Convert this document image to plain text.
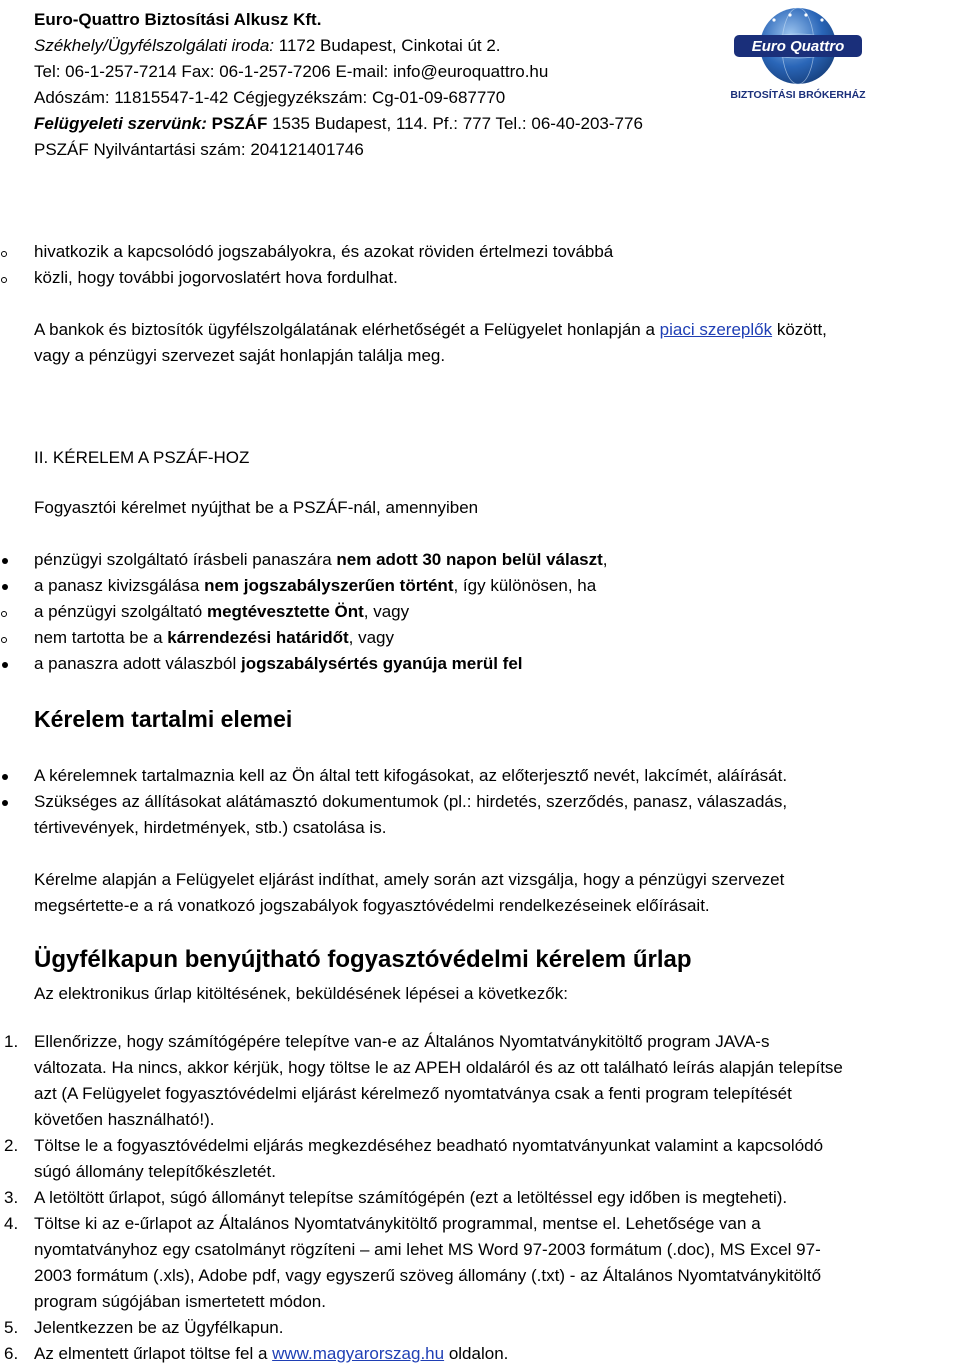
Euro-Quattro Biztosítási Alkusz Kft.
Székhely/Ügyfélszolgálati iroda: 1172 Budapest, Cinkotai út 2.
Tel: 06-1-257-7214 Fax: 06-1-257-7206 E-mail: info@euroquattro.hu
Adószám: 11815547-1-42 Cégjegyzékszám: Cg-01-09-687770
Felügyeleti szervünk: PSZÁF 1535 Budapest, 114. Pf.: 777 Tel.: 06-40-203-776
PSZÁF Nyilvántartási szám: 204121401746
Euro Quattro
BIZTOSÍTÁSI BRÓKERHÁZ
hivatkozik a kapcsolódó jogszabályokra, és azokat röviden értelmezi továbbá
közli, hogy további jogorvoslatért hova fordulhat.
A bankok és biztosítók ügyfélszolgálatának elérhetőségét a Felügyelet honlapján a piaci szereplők között,
vagy a pénzügyi szervezet saját honlapján találja meg.
II. KÉRELEM A PSZÁF-HOZ
Fogyasztói kérelmet nyújthat be a PSZÁF-nál, amennyiben
pénzügyi szolgáltató írásbeli panaszára nem adott 30 napon belül választ,
a panasz kivizsgálása nem jogszabályszerűen történt, így különösen, ha
a pénzügyi szolgáltató megtévesztette Önt, vagy
nem tartotta be a kárrendezési határidőt, vagy
a panaszra adott válaszból jogszabálysértés gyanúja merül fel
Kérelem tartalmi elemei
A kérelemnek tartalmaznia kell az Ön által tett kifogásokat, az előterjesztő nevét, lakcímét, aláírását.
Szükséges az állításokat alátámasztó dokumentumok (pl.: hirdetés, szerződés, panasz, válaszadás,
tértivevények, hirdetmények, stb.) csatolása is.
Kérelme alapján a Felügyelet eljárást indíthat, amely során azt vizsgálja, hogy a pénzügyi szervezet
megsértette-e a rá vonatkozó jogszabályok fogyasztóvédelmi rendelkezéseinek előírásait.
Ügyfélkapun benyújtható fogyasztóvédelmi kérelem űrlap
Az elektronikus űrlap kitöltésének, beküldésének lépései a következők:
1. Ellenőrizze, hogy számítógépére telepítve van-e az Általános Nyomtatványkitöltő program JAVA-s
változata. Ha nincs, akkor kérjük, hogy töltse le az APEH oldaláról és az ott található leírás alapján telepítse
azt (A Felügyelet fogyasztóvédelmi eljárást kérelmező nyomtatványa csak a fenti program telepítését
követően használható!).
2. Töltse le a fogyasztóvédelmi eljárás megkezdéséhez beadható nyomtatványunkat valamint a kapcsolódó
súgó állomány telepítőkészletét.
3. A letöltött űrlapot, súgó állományt telepítse számítógépén (ezt a letöltéssel egy időben is megteheti).
4. Töltse ki az e-űrlapot az Általános Nyomtatványkitöltő programmal, mentse el. Lehetősége van a
nyomtatványhoz egy csatolmányt rögzíteni – ami lehet MS Word 97-2003 formátum (.doc), MS Excel 97-
2003 formátum (.xls), Adobe pdf, vagy egyszerű szöveg állomány (.txt) - az Általános Nyomtatványkitöltő
program súgójában ismertetett módon.
5. Jelentkezzen be az Ügyfélkapun.
6. Az elmentett űrlapot töltse fel a www.magyarorszag.hu oldalon.
